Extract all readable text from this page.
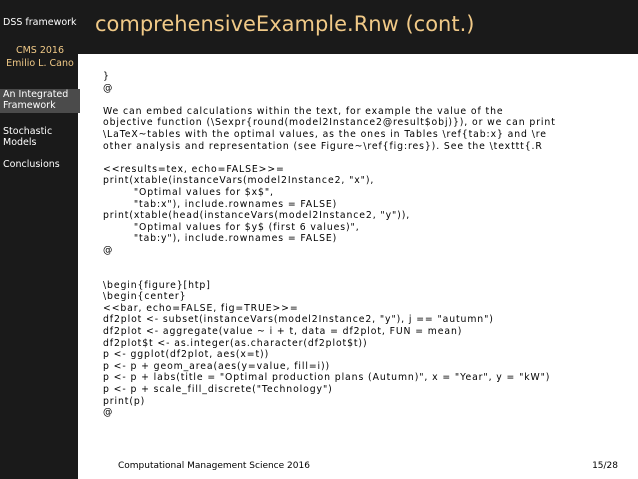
DSS framework
CMS 2016
Emilio L. Cano
An Integrated Framework
Stochastic Models
Conclusions
comprehensiveExample.Rnw (cont.)
}
@
We can embed calculations within the text, for example the value of the
objective function (\Sexpr{round(model2Instance2@result$obj)}), or we can print
\LaTeX~tables with the optimal values, as the ones in Tables \ref{tab:x} and \re
other analysis and representation (see Figure~\ref{fig:res}). See the \texttt{.R
<<results=tex, echo=FALSE>>=
print(xtable(instanceVars(model2Instance2, "x"),
"Optimal values for $x$",
"tab:x"), include.rownames = FALSE)
print(xtable(head(instanceVars(model2Instance2, "y")),
"Optimal values for $y$ (first 6 values)",
"tab:y"), include.rownames = FALSE)
@
\begin{figure}[htp]
\begin{center}
<<bar, echo=FALSE, fig=TRUE>>=
df2plot <- subset(instanceVars(model2Instance2, "y"), j == "autumn")
df2plot <- aggregate(value ~ i + t, data = df2plot, FUN = mean)
df2plot$t <- as.integer(as.character(df2plot$t))
p <- ggplot(df2plot, aes(x=t))
p <- p + geom_area(aes(y=value, fill=i))
p <- p + labs(title = "Optimal production plans (Autumn)", x = "Year", y = "kW")
p <- p + scale_fill_discrete("Technology")
print(p)
@
Computational Management Science 2016	15/28
